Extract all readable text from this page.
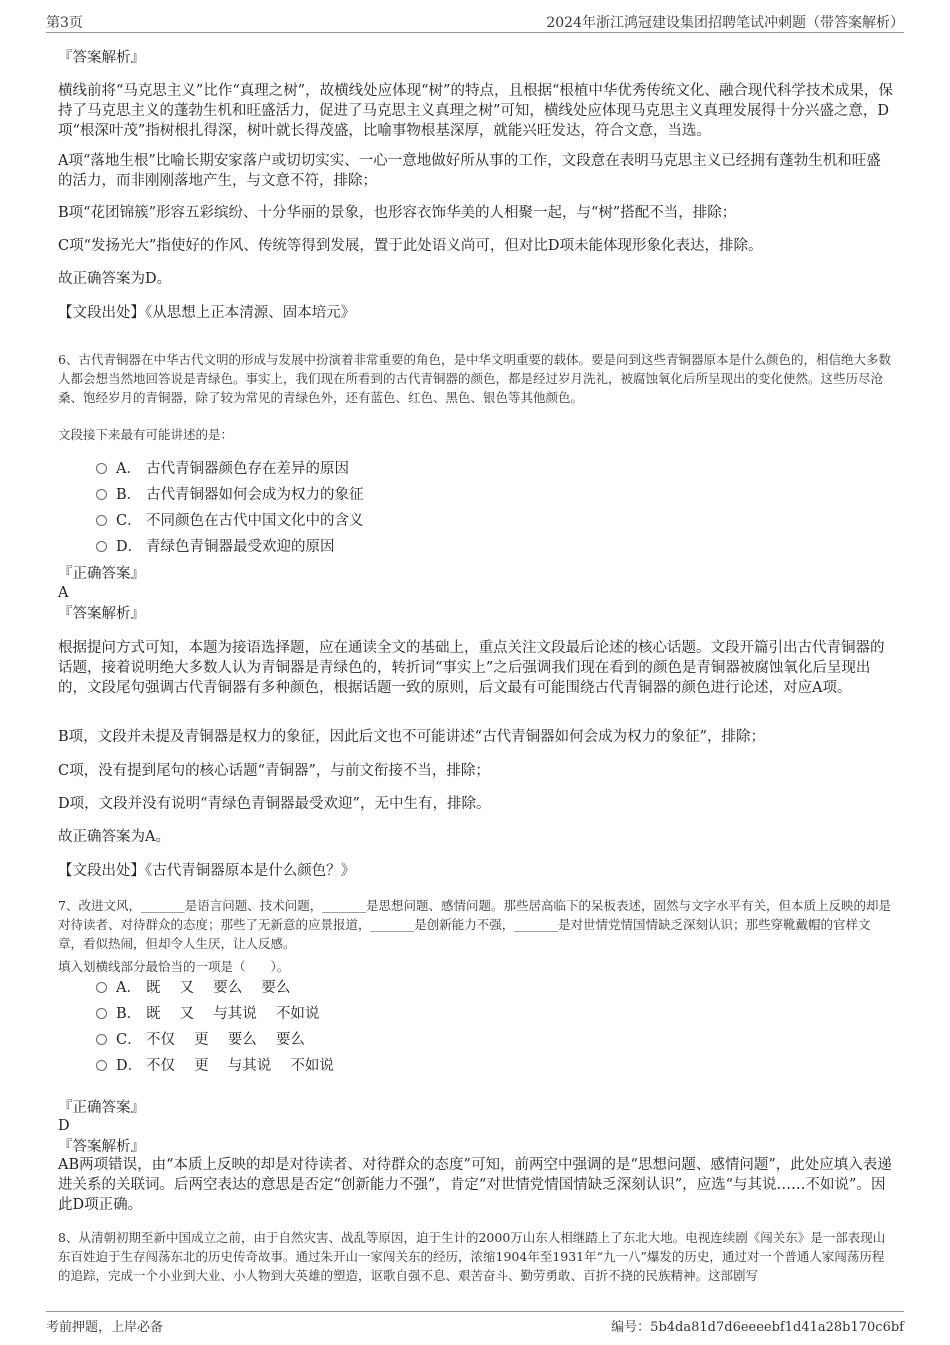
第3页	2024年浙江鸿冠建设集团招聘笔试冲刺题（带答案解析）
『答案解析』
横线前将“马克思主义”比作“真理之树”，故横线处应体现“树”的特点，且根据“根植中华优秀传统文化、融合现代科学技术成果，保持了马克思主义的蓬勃生机和旺盛活力，促进了马克思主义真理之树”可知，横线处应体现马克思主义真理发展得十分兴盛之意，D项“根深叶茂”指树根扎得深，树叶就长得茂盛，比喻事物根基深厚，就能兴旺发达，符合文意，当选。
A项“落地生根”比喻长期安家落户或切切实实、一心一意地做好所从事的工作，文段意在表明马克思主义已经拥有蓬勃生机和旺盛的活力，而非刚刚落地产生，与文意不符，排除；
B项“花团锦簇”形容五彩缤纷、十分华丽的景象，也形容衣饰华美的人相聚一起，与“树”搭配不当，排除；
C项“发扬光大”指使好的作风、传统等得到发展，置于此处语义尚可，但对比D项未能体现形象化表达，排除。
故正确答案为D。
【文段出处】《从思想上正本清源、固本培元》
6、古代青铜器在中华古代文明的形成与发展中扮演着非常重要的角色，是中华文明重要的载体。要是问到这些青铜器原本是什么颜色的，相信绝大多数人都会想当然地回答说是青绿色。事实上，我们现在所看到的古代青铜器的颜色，都是经过岁月洗礼，被腐蚀氧化后所呈现出的变化使然。这些历尽沧桑、饱经岁月的青铜器，除了较为常见的青绿色外，还有蓝色、红色、黑色、银色等其他颜色。
文段接下来最有可能讲述的是：
A． 古代青铜器颜色存在差异的原因
B． 古代青铜器如何会成为权力的象征
C． 不同颜色在古代中国文化中的含义
D． 青绿色青铜器最受欢迎的原因
『正确答案』
A
『答案解析』
根据提问方式可知，本题为接语选择题，应在通读全文的基础上，重点关注文段最后论述的核心话题。文段开篇引出古代青铜器的话题，接着说明绝大多数人认为青铜器是青绿色的，转折词“事实上”之后强调我们现在看到的颜色是青铜器被腐蚀氧化后呈现出的，文段尾句强调古代青铜器有多种颜色，根据话题一致的原则，后文最有可能围绕古代青铜器的颜色进行论述，对应A项。
B项，文段并未提及青铜器是权力的象征，因此后文也不可能讲述“古代青铜器如何会成为权力的象征”，排除；
C项，没有提到尾句的核心话题“青铜器”，与前文衔接不当，排除；
D项，文段并没有说明“青绿色青铜器最受欢迎”，无中生有，排除。
故正确答案为A。
【文段出处】《古代青铜器原本是什么颜色？》
7、改进文风，_______是语言问题、技术问题，_______是思想问题、感情问题。那些居高临下的呆板表述，固然与文字水平有关，但本质上反映的却是对待读者、对待群众的态度；那些了无新意的应景报道，_______是创新能力不强，_______是对世情党情国情缺乏深刻认识；那些穿靴戴帽的官样文章，看似热闹，但却令人生厌，让人反感。
填入划横线部分最恰当的一项是（　　）。
A． 既　 又　 要么　 要么
B． 既　 又　 与其说　 不如说
C． 不仅　 更　 要么　 要么
D． 不仅　 更　 与其说　 不如说
『正确答案』
D
『答案解析』
AB两项错误，由“本质上反映的却是对待读者、对待群众的态度”可知，前两空中强调的是“思想问题、感情问题”，此处应填入表递进关系的关联词。后两空表达的意思是否定“创新能力不强”，肯定“对世情党情国情缺乏深刻认识”，应选“与其说……不如说”。因此D项正确。
8、从清朝初期至新中国成立之前，由于自然灾害、战乱等原因，迫于生计的2000万山东人相继踏上了东北大地。电视连续剧《闯关东》是一部表现山东百姓迫于生存闯荡东北的历史传奇故事。通过朱开山一家闯关东的经历，浓缩1904年至1931年“九一八”爆发的历史，通过对一个普通人家闯荡历程的追踪，完成一个小业到大业、小人物到大英雄的塑造，讴歌自强不息、艰苦奋斗、勤劳勇敢、百折不挠的民族精神。这部剧写
考前押题，上岸必备	编号：5b4da81d7d6eeeebf1d41a28b170c6bf
